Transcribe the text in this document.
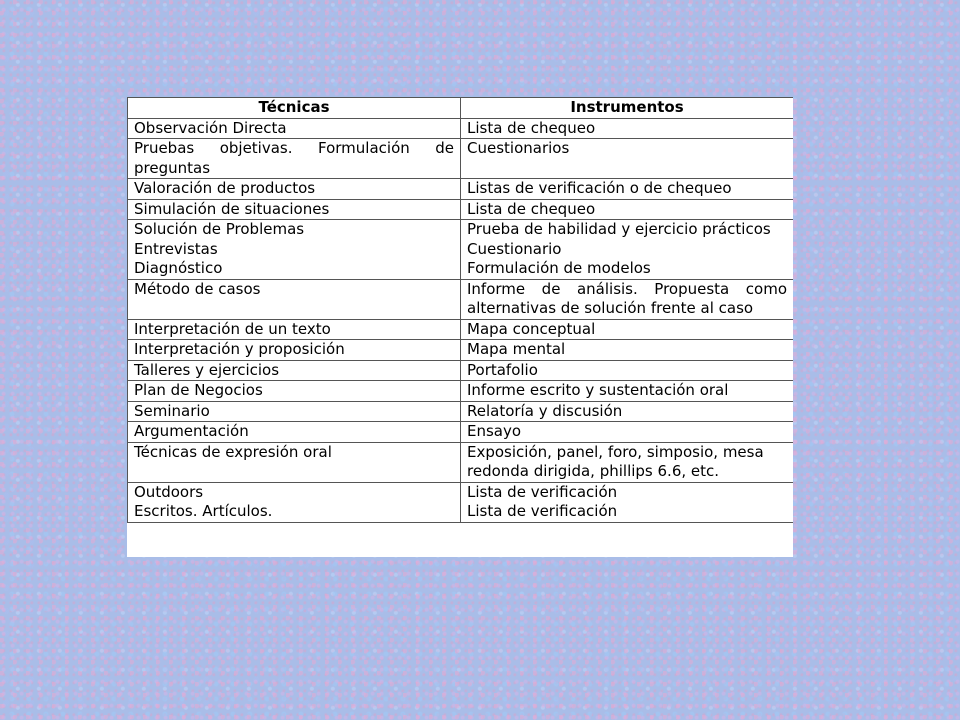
Técnicas	Instrumentos
Observación Directa	Lista de chequeo
Pruebas objetivas. Formulación de preguntas	Cuestionarios
Valoración de productos	Listas de verificación o de chequeo
Simulación de situaciones	Lista de chequeo
Solución de Problemas	Prueba de habilidad y ejercicio prácticos
Entrevistas	Cuestionario
Diagnóstico	Formulación de modelos
Método de casos	Informe de análisis. Propuesta como alternativas de solución frente al caso
Interpretación de un texto	Mapa conceptual
Interpretación y proposición	Mapa mental
Talleres y ejercicios	Portafolio
Plan de Negocios	Informe escrito y sustentación oral
Seminario	Relatoría y discusión
Argumentación	Ensayo
Técnicas de expresión oral	Exposición, panel, foro, simposio, mesa redonda dirigida, phillips 6.6, etc.
Outdoors	Lista de verificación
Escritos. Artículos.	Lista de verificación
